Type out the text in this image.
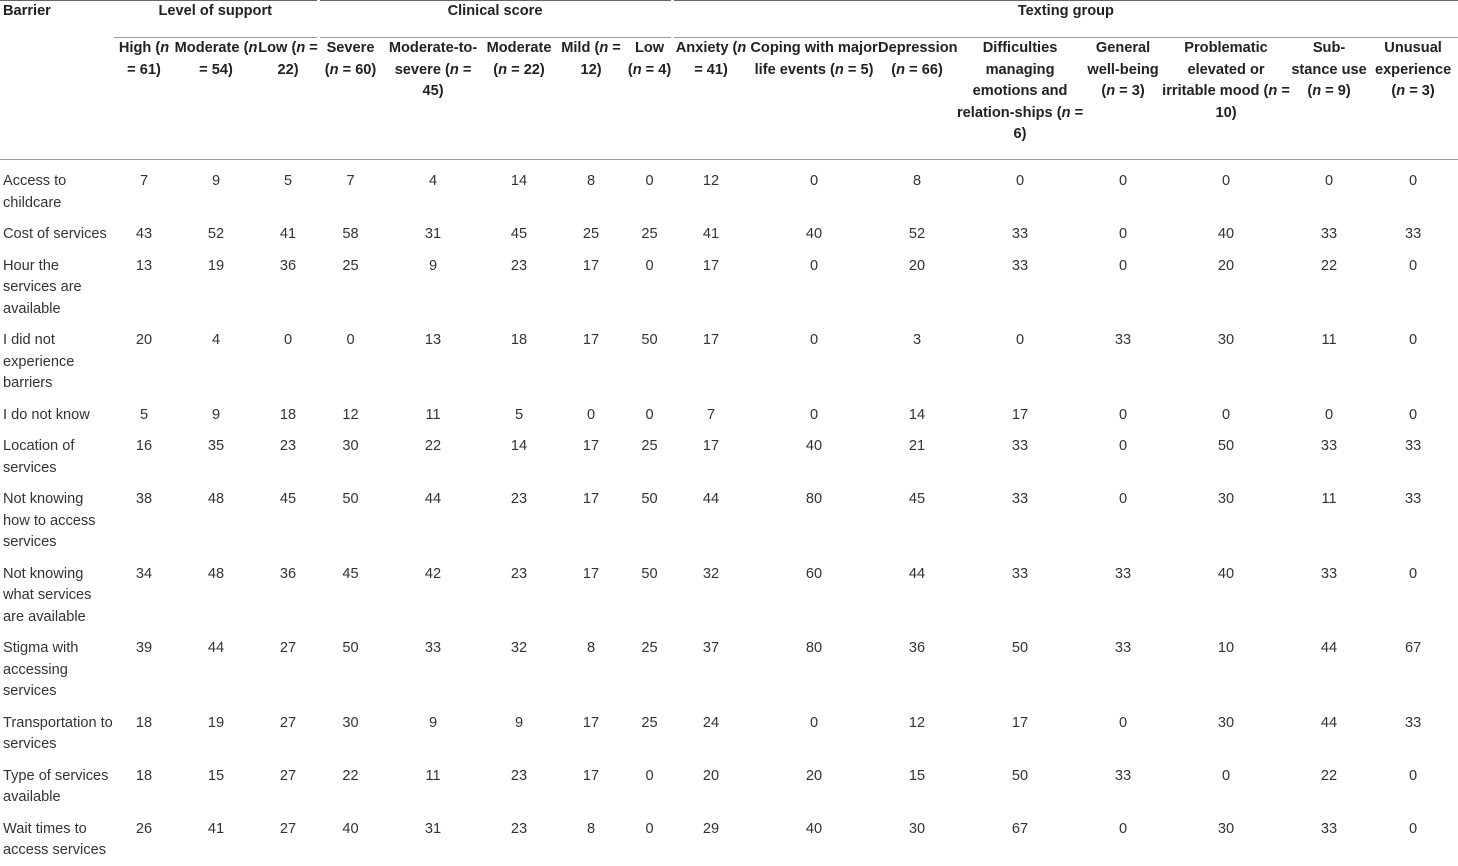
Barrier	Level of support			Clinical score					Texting group							
	High (n = 61)	Moderate (n = 54)	Low (n = 22)	Severe (n = 60)	Moderate-to-severe (n = 45)	Moderate (n = 22)	Mild (n = 12)	Low (n = 4)	Anxiety (n = 41)	Coping with major life events (n = 5)	Depression (n = 66)	Difficulties managing emotions and relation-ships (n = 6)	General well-being (n = 3)	Problematic elevated or irritable mood (n = 10)	Sub-stance use (n = 9)	Unusual experience (n = 3)
Access to childcare	7	9	5	7	4	14	8	0	12	0	8	0	0	0	0	0
Cost of services	43	52	41	58	31	45	25	25	41	40	52	33	0	40	33	33
Hour the services are available	13	19	36	25	9	23	17	0	17	0	20	33	0	20	22	0
I did not experience barriers	20	4	0	0	13	18	17	50	17	0	3	0	33	30	11	0
I do not know	5	9	18	12	11	5	0	0	7	0	14	17	0	0	0	0
Location of services	16	35	23	30	22	14	17	25	17	40	21	33	0	50	33	33
Not knowing how to access services	38	48	45	50	44	23	17	50	44	80	45	33	0	30	11	33
Not knowing what services are available	34	48	36	45	42	23	17	50	32	60	44	33	33	40	33	0
Stigma with accessing services	39	44	27	50	33	32	8	25	37	80	36	50	33	10	44	67
Transportation to services	18	19	27	30	9	9	17	25	24	0	12	17	0	30	44	33
Type of services available	18	15	27	22	11	23	17	0	20	20	15	50	33	0	22	0
Wait times to access services	26	41	27	40	31	23	8	0	29	40	30	67	0	30	33	0
